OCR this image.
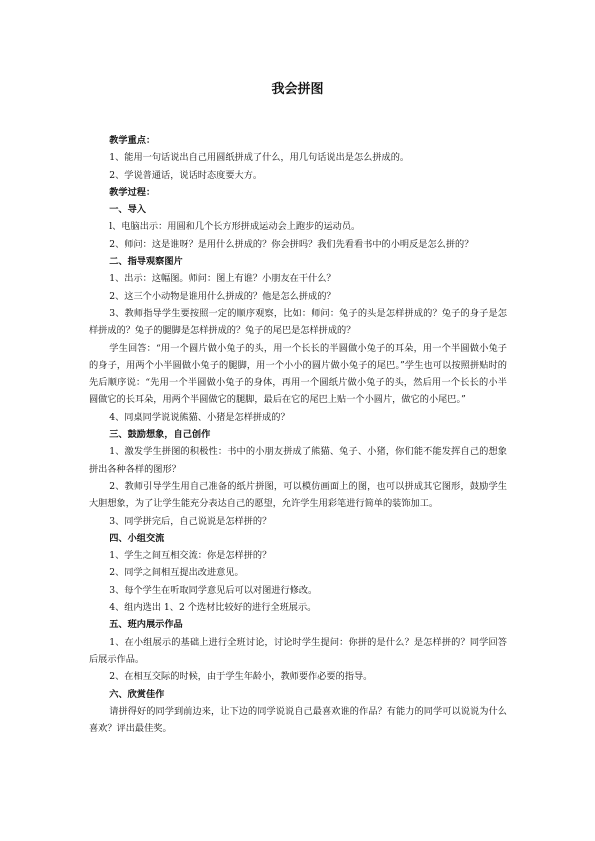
我会拼图

教学重点：

1、能用一句话说出自己用圆纸拼成了什么，用几句话说出是怎么拼成的。

2、学说普通话，说话时态度要大方。

教学过程：

一、导入

l、电脑出示：用圆和几个长方形拼成运动会上跑步的运动员。

2、师问：这是谁呀？是用什么拼成的？你会拼吗？我们先看看书中的小明反是怎么拼的？

二、指导观察图片

1、出示：这幅图。师问：图上有谁？小朋友在干什么？

2、这三个小动物是谁用什么拼成的？他是怎么拼成的？

3、教师指导学生要按照一定的顺序观察，比如：师问：兔子的头是怎样拼成的？兔子的身子是怎样拼成的？兔子的腿脚是怎样拼成的？兔子的尾巴是怎样拼成的？

学生回答：“用一个圆片做小兔子的头，用一个长长的半圆做小兔子的耳朵，用一个半圆做小兔子的身子，用两个小半圆做小兔子的腿脚，用一个小小的圆片做小兔子的尾巴。”学生也可以按照拼贴时的先后顺序说：“先用一个半圆做小兔子的身体，再用一个圆纸片做小兔子的头，然后用一个长长的小半圆做它的长耳朵，用两个半圆做它的腿脚，最后在它的尾巴上贴一个小圆片，做它的小尾巴。”

4、同桌同学说说熊猫、小猪是怎样拼成的？

三、鼓励想象，自己创作

1、激发学生拼图的积极性：书中的小朋友拼成了熊猫、兔子、小猪，你们能不能发挥自己的想象拼出各种各样的图形？

2、教师引导学生用自己准备的纸片拼图，可以模仿画面上的图，也可以拼成其它图形，鼓励学生大胆想象，为了让学生能充分表达自己的愿望，允许学生用彩笔进行简单的装饰加工。

3、同学拼完后，自己说说是怎样拼的？

四、小组交流

1、学生之间互相交流：你是怎样拼的？

2、同学之间相互提出改进意见。

3、每个学生在听取同学意见后可以对图进行修改。

4、组内选出 1、2 个选材比较好的进行全班展示。

五、班内展示作品

1、在小组展示的基础上进行全班讨论，讨论时学生提问：你拼的是什么？是怎样拼的？同学回答后展示作品。

2、在相互交际的时候，由于学生年龄小，教师要作必要的指导。

六、欣赏佳作

请拼得好的同学到前边来，让下边的同学说说自己最喜欢谁的作品？有能力的同学可以说说为什么喜欢？评出最佳奖。
